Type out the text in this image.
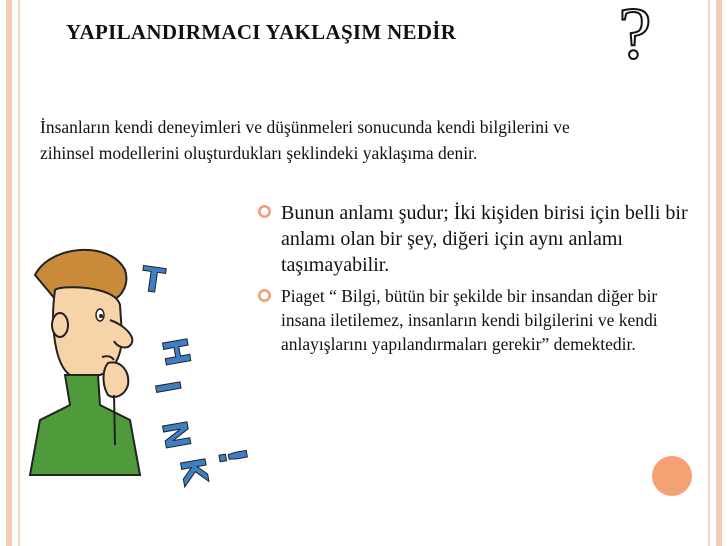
YAPILANDIRMACI YAKLAŞIM NEDİR ?
İnsanların kendi deneyimleri ve düşünmeleri sonucunda kendi bilgilerini ve zihinsel modellerini oluşturdukları şeklindeki yaklaşıma denir.
Bunun anlamı şudur; İki kişiden birisi için belli bir anlamı olan bir şey, diğeri için aynı anlamı taşımayabilir.
Piaget “ Bilgi, bütün bir şekilde bir insandan diğer bir insana iletilemez, insanların kendi bilgilerini ve kendi anlayışlarını yapılandırmaları gerekir” demektedir.
T
H
I
N
K
!
